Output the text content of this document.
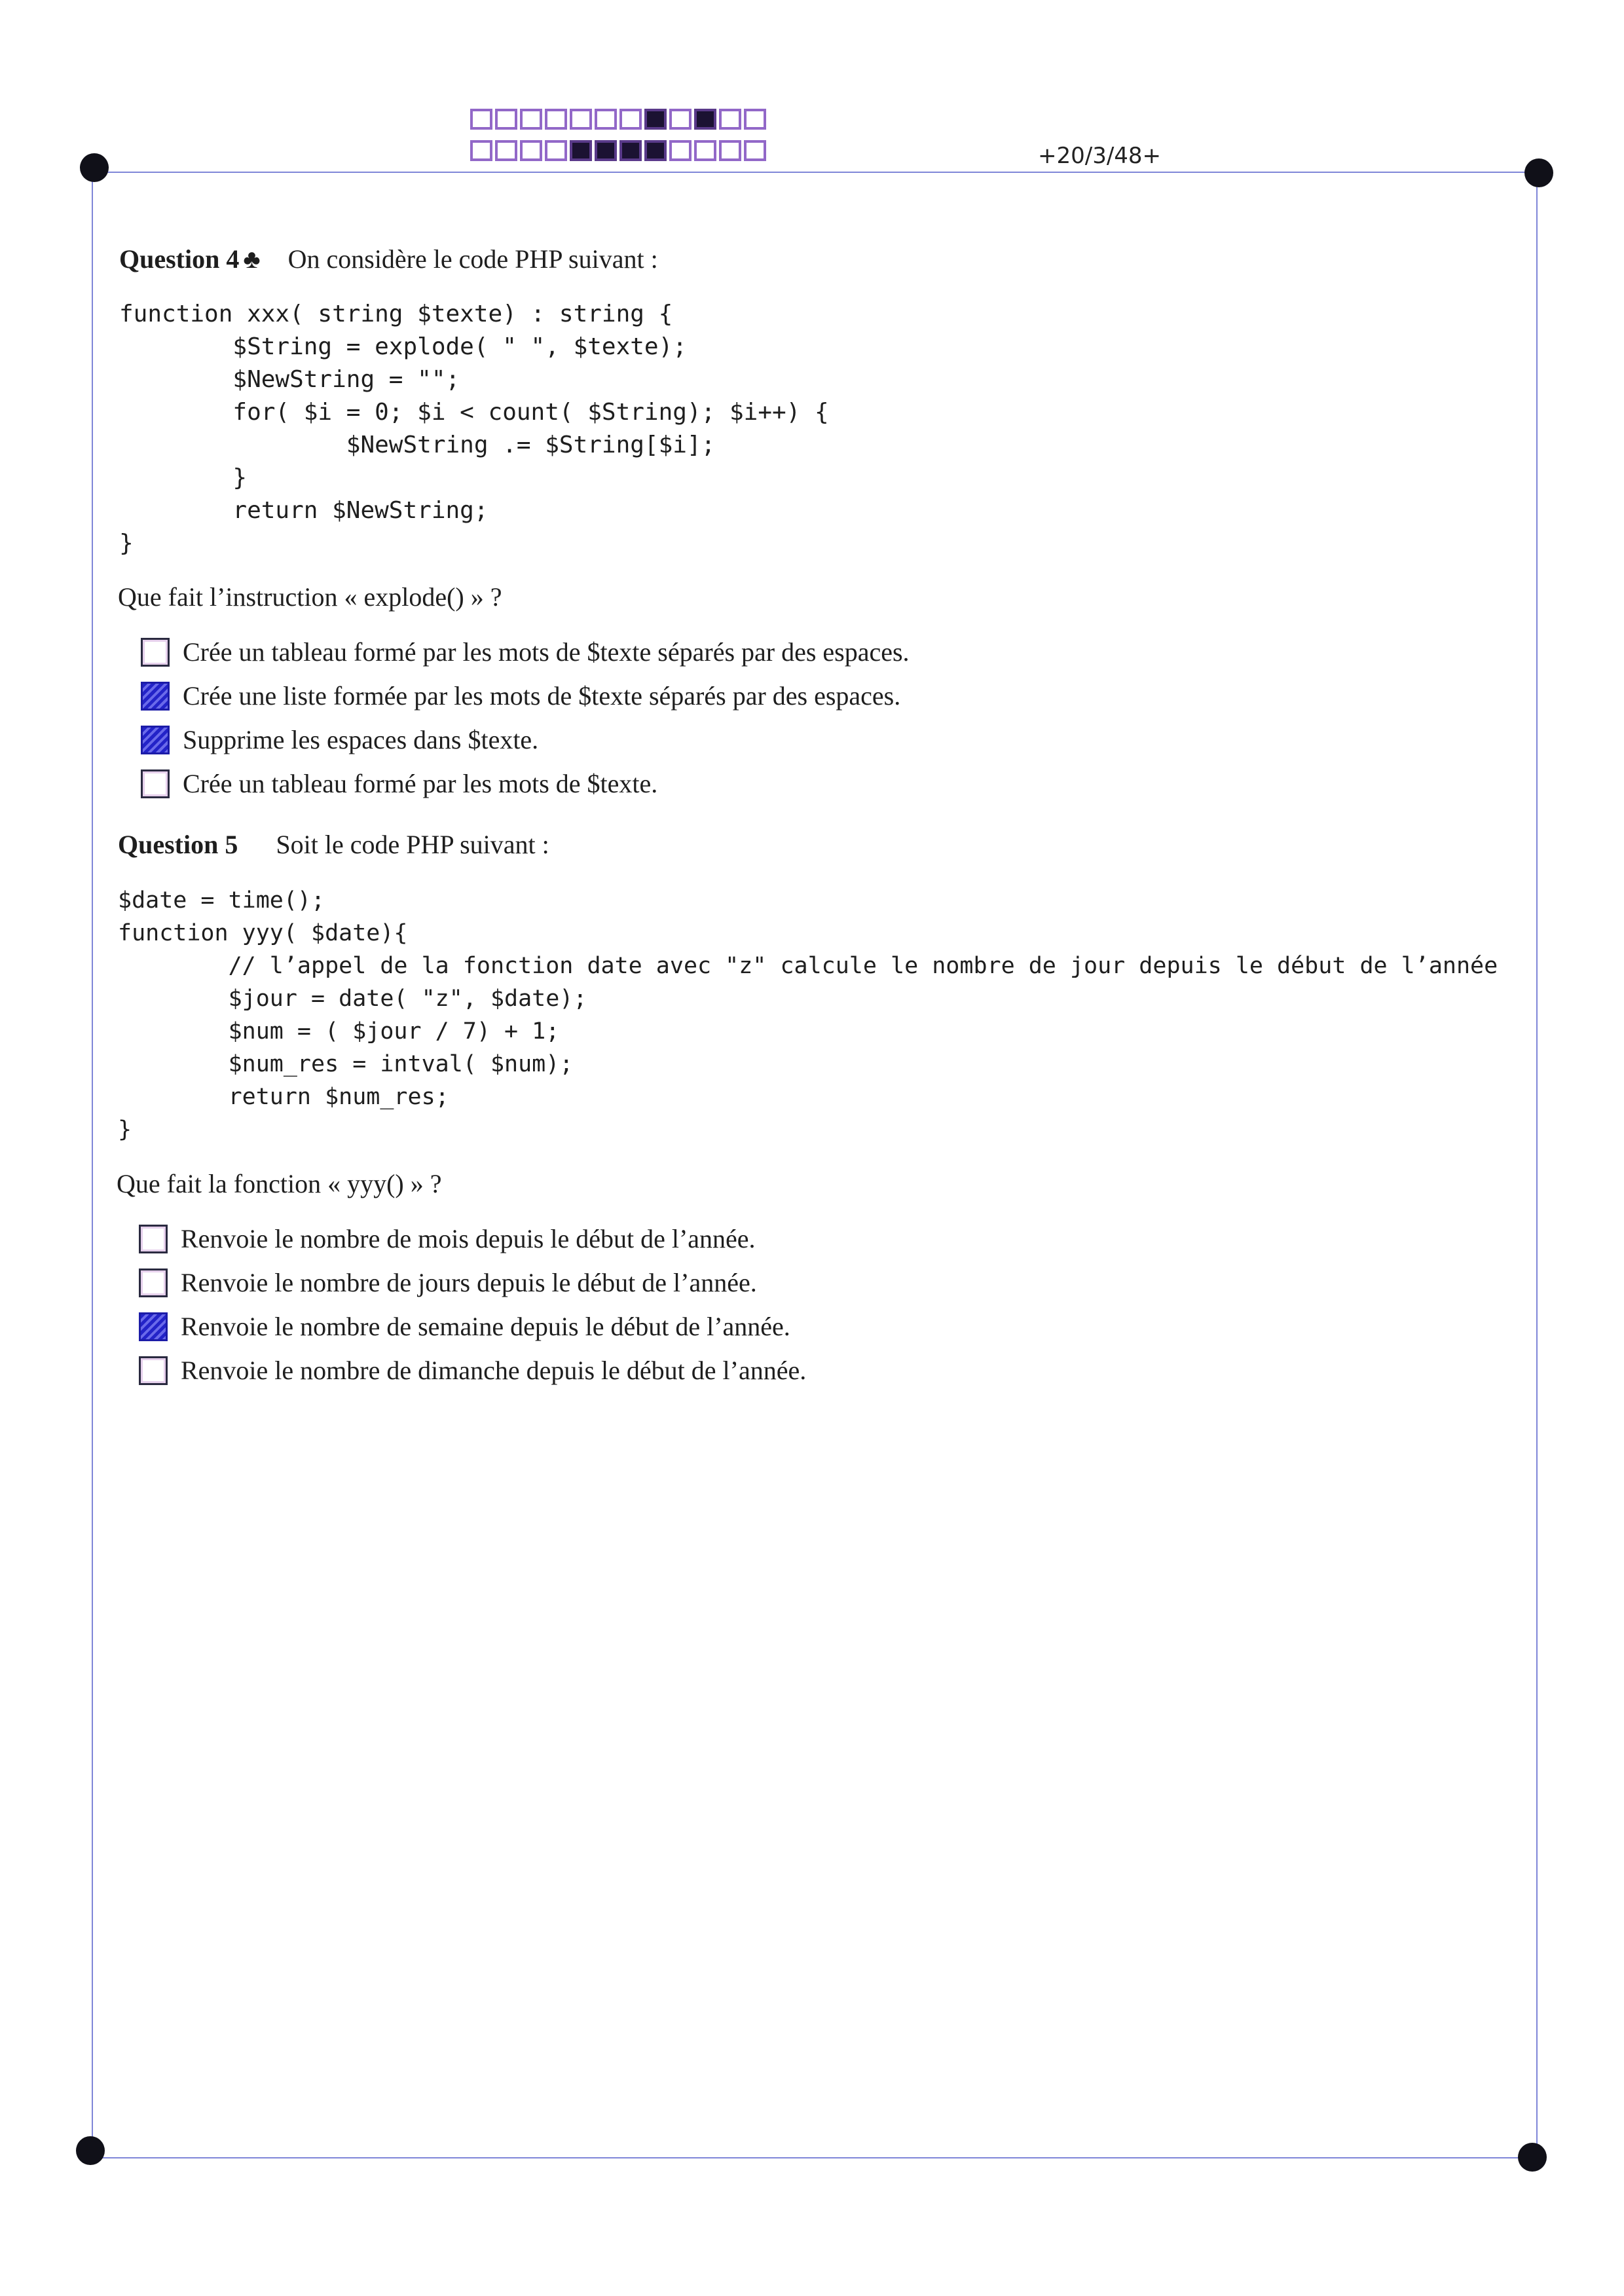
+20/3/48+
Question 4 ♣ On considère le code PHP suivant :
function xxx( string $texte) : string {
$String = explode( " ", $texte);
$NewString = "";
for( $i = 0; $i < count( $String); $i++) {
$NewString .= $String[$i];
}
return $NewString;
}
Que fait l’instruction « explode() » ?
Crée un tableau formé par les mots de $texte séparés par des espaces.
Crée une liste formée par les mots de $texte séparés par des espaces.
Supprime les espaces dans $texte.
Crée un tableau formé par les mots de $texte.
Question 5 Soit le code PHP suivant :
$date = time();
function yyy( $date){
// l’appel de la fonction date avec "z" calcule le nombre de jour depuis le début de l’année
$jour = date( "z", $date);
$num = ( $jour / 7) + 1;
$num_res = intval( $num);
return $num_res;
}
Que fait la fonction « yyy() » ?
Renvoie le nombre de mois depuis le début de l’année.
Renvoie le nombre de jours depuis le début de l’année.
Renvoie le nombre de semaine depuis le début de l’année.
Renvoie le nombre de dimanche depuis le début de l’année.
